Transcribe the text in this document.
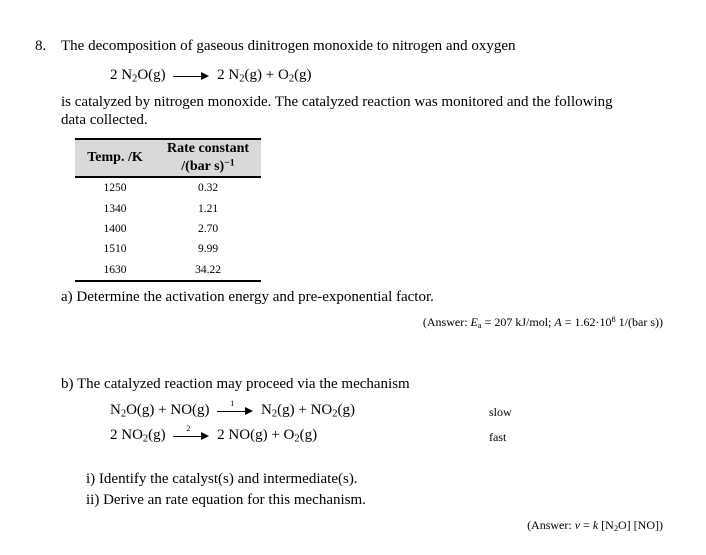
8. The decomposition of gaseous dinitrogen monoxide to nitrogen and oxygen
2 $N_2O(g)$	2 $N_2(g) + O_2(g)$
is catalyzed by nitrogen monoxide. The catalyzed reaction was monitored and the following
data collected.
Temp. /K	Rate constant
/(bar s)$^{-1}$
1250	0.32
1340	1.21
1400	2.70
1510	9.99
1630	34.22
a) Determine the activation energy and pre-exponential factor.
(Answer: $E_a = 207$ kJ/mol; $A = 1.62\cdot 10^8$ 1/(bar s))
b) The catalyzed reaction may proceed via the mechanism
$N_2O(g) + NO(g)$	1	$N_2(g) + NO_2(g)$	slow
2 $NO_2(g)$	2	2 $NO(g) + O_2(g)$	fast
i) Identify the catalyst(s) and intermediate(s).
ii) Derive an rate equation for this mechanism.
(Answer: v = k $[N_2O]$ [NO])
